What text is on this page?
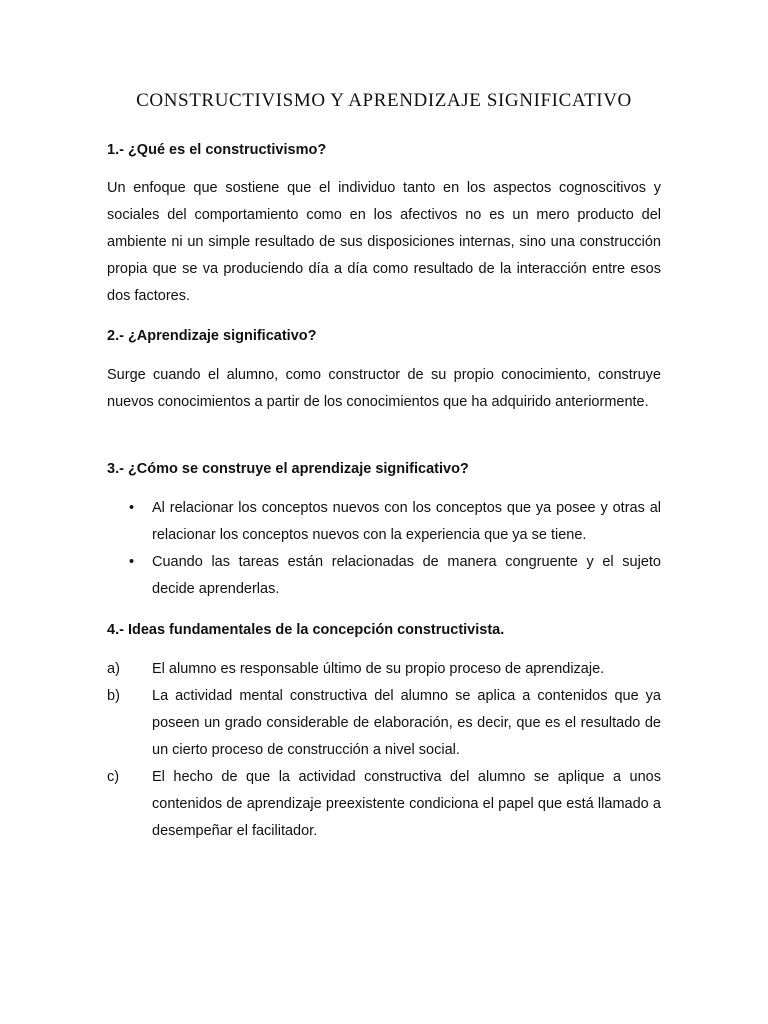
CONSTRUCTIVISMO Y APRENDIZAJE SIGNIFICATIVO
1.- ¿Qué es el constructivismo?

Un enfoque que sostiene que el individuo tanto en los aspectos cognoscitivos y sociales del comportamiento como en los afectivos no es un mero producto del ambiente ni un simple resultado de sus disposiciones internas, sino una construcción propia que se va produciendo día a día como resultado de la interacción entre esos dos factores.

2.- ¿Aprendizaje significativo?

Surge cuando el alumno, como constructor de su propio conocimiento, construye nuevos conocimientos a partir de los conocimientos que ha adquirido anteriormente.

3.- ¿Cómo se construye el aprendizaje significativo?
• Al relacionar los conceptos nuevos con los conceptos que ya posee y otras al relacionar los conceptos nuevos con la experiencia que ya se tiene.
• Cuando las tareas están relacionadas de manera congruente y el sujeto decide aprenderlas.
4.- Ideas fundamentales de la concepción constructivista.
a) El alumno es responsable último de su propio proceso de aprendizaje.
b) La actividad mental constructiva del alumno se aplica a contenidos que ya poseen un grado considerable de elaboración, es decir, que es el resultado de un cierto proceso de construcción a nivel social.
c) El hecho de que la actividad constructiva del alumno se aplique a unos contenidos de aprendizaje preexistente condiciona el papel que está llamado a desempeñar el facilitador.
